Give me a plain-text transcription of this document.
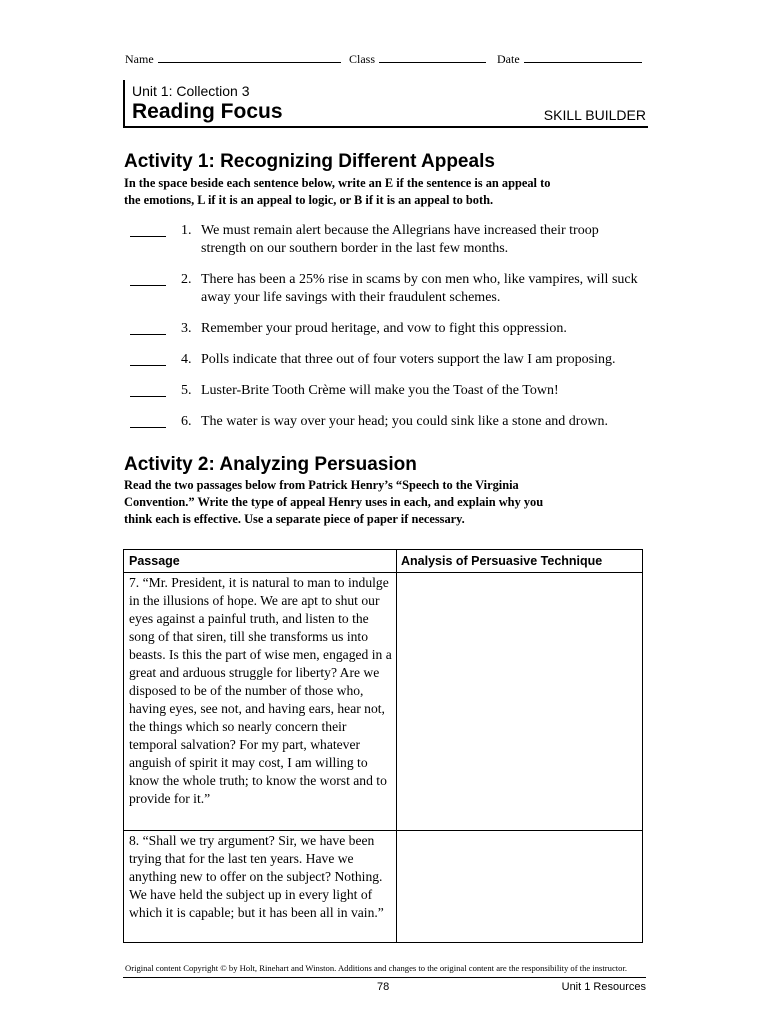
Name	Class	Date
Unit 1: Collection 3
Reading Focus	SKILL BUILDER
Activity 1: Recognizing Different Appeals
In the space beside each sentence below, write an E if the sentence is an appeal to
the emotions, L if it is an appeal to logic, or B if it is an appeal to both.
1. We must remain alert because the Allegrians have increased their troop strength on our southern border in the last few months.
2. There has been a 25% rise in scams by con men who, like vampires, will suck away your life savings with their fraudulent schemes.
3. Remember your proud heritage, and vow to fight this oppression.
4. Polls indicate that three out of four voters support the law I am proposing.
5. Luster-Brite Tooth Crème will make you the Toast of the Town!
6. The water is way over your head; you could sink like a stone and drown.
Activity 2: Analyzing Persuasion
Read the two passages below from Patrick Henry’s “Speech to the Virginia
Convention.” Write the type of appeal Henry uses in each, and explain why you
think each is effective. Use a separate piece of paper if necessary.
Passage	Analysis of Persuasive Technique
7. “Mr. President, it is natural to man to indulge in the illusions of hope. We are apt to shut our eyes against a painful truth, and listen to the song of that siren, till she transforms us into beasts. Is this the part of wise men, engaged in a great and arduous struggle for liberty? Are we disposed to be of the number of those who, having eyes, see not, and having ears, hear not, the things which so nearly concern their temporal salvation? For my part, whatever anguish of spirit it may cost, I am willing to know the whole truth; to know the worst and to provide for it.”
8. “Shall we try argument? Sir, we have been trying that for the last ten years. Have we anything new to offer on the subject? Nothing. We have held the subject up in every light of which it is capable; but it has been all in vain.”
Original content Copyright © by Holt, Rinehart and Winston. Additions and changes to the original content are the responsibility of the instructor.
78	Unit 1 Resources
